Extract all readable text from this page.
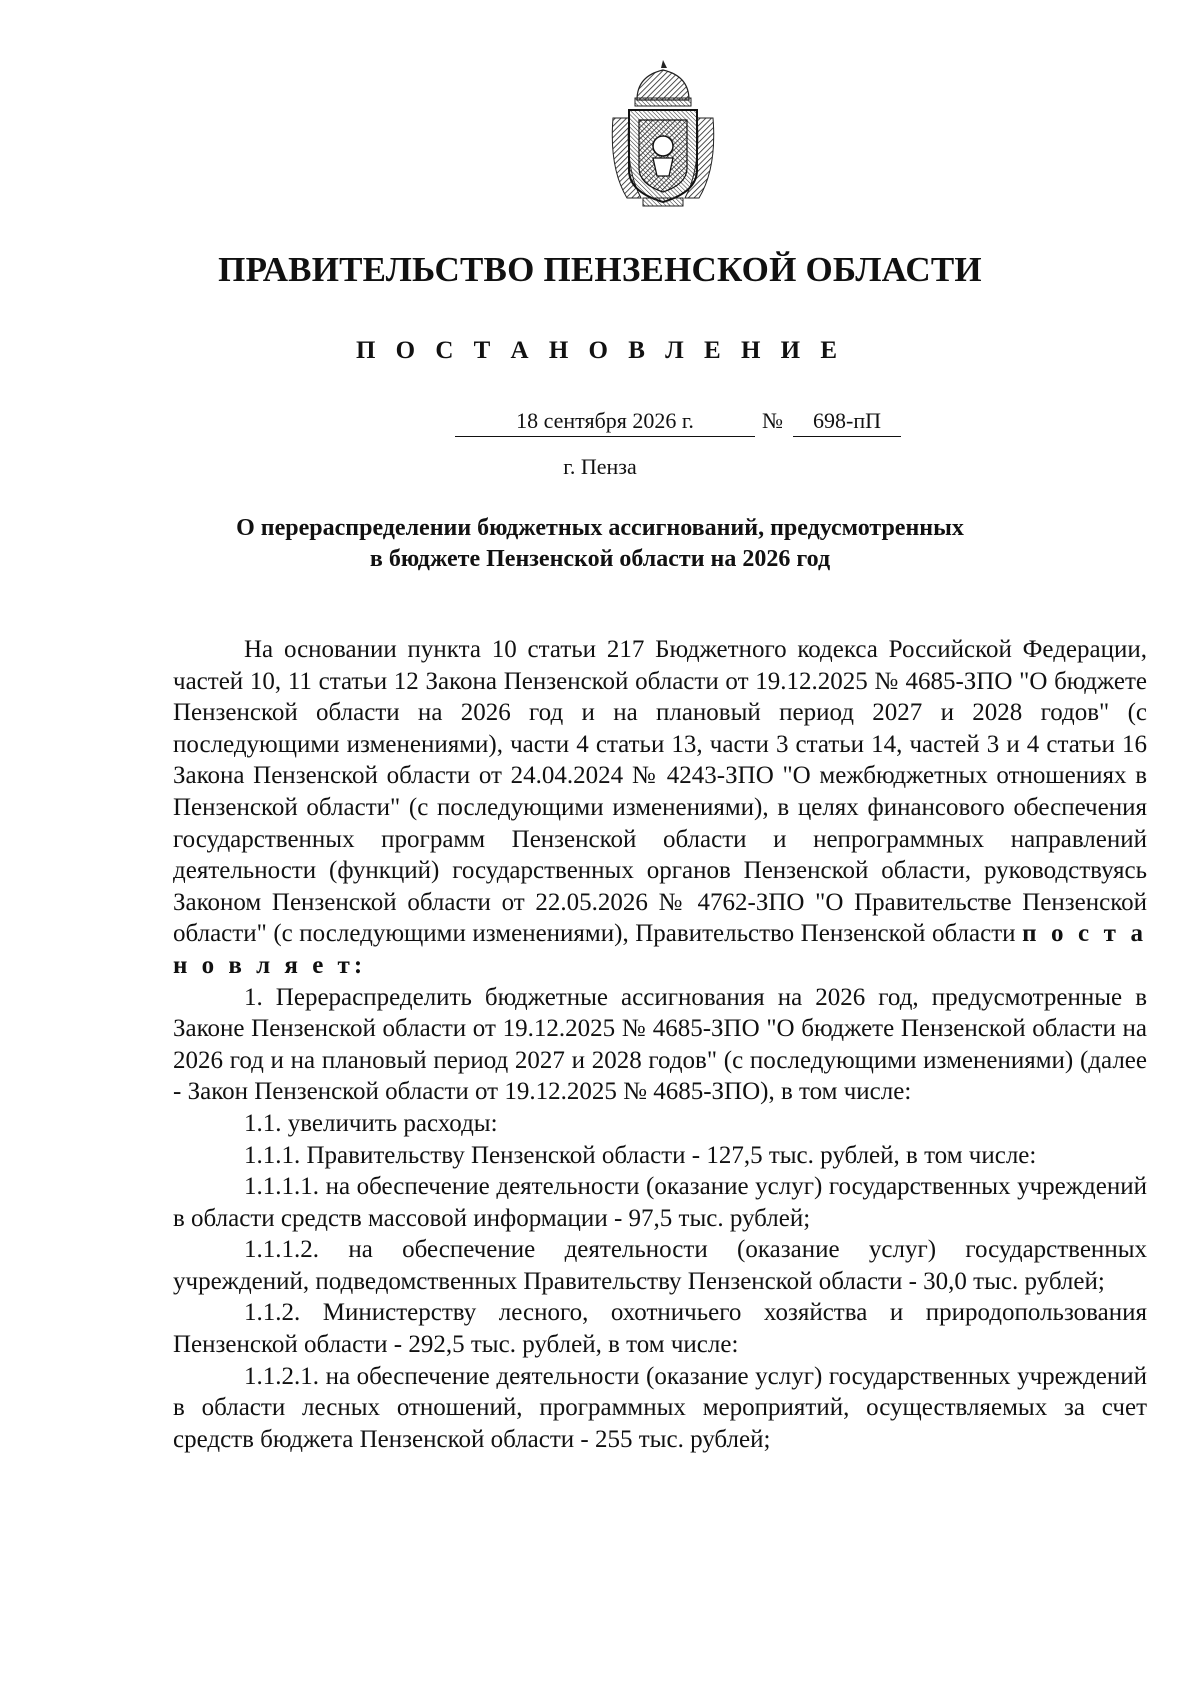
ПРАВИТЕЛЬСТВО ПЕНЗЕНСКОЙ ОБЛАСТИ
П О С Т А Н О В Л Е Н И Е
18 сентября 2026 г.	№	698-пП
г. Пенза
О перераспределении бюджетных ассигнований, предусмотренных
в бюджете Пензенской области на 2026 год

На основании пункта 10 статьи 217 Бюджетного кодекса Российской Федерации, частей 10, 11 статьи 12 Закона Пензенской области от 19.12.2025 № 4685-ЗПО "О бюджете Пензенской области на 2026 год и на плановый период 2027 и 2028 годов" (с последующими изменениями), части 4 статьи 13, части 3 статьи 14, частей 3 и 4 статьи 16 Закона Пензенской области от 24.04.2024 № 4243-ЗПО "О межбюджетных отношениях в Пензенской области" (с последующими изменениями), в целях финансового обеспечения государственных программ Пензенской области и непрограммных направлений деятельности (функций) государственных органов Пензенской области, руководствуясь Законом Пензенской области от 22.05.2026 № 4762-ЗПО "О Правительстве Пензенской области" (с последующими изменениями), Правительство Пензенской области п о с т а н о в л я е т:

1. Перераспределить бюджетные ассигнования на 2026 год, предусмотренные в Законе Пензенской области от 19.12.2025 № 4685-ЗПО "О бюджете Пензенской области на 2026 год и на плановый период 2027 и 2028 годов" (с последующими изменениями) (далее - Закон Пензенской области от 19.12.2025 № 4685-ЗПО), в том числе:

1.1. увеличить расходы:

1.1.1. Правительству Пензенской области - 127,5 тыс. рублей, в том числе:

1.1.1.1. на обеспечение деятельности (оказание услуг) государственных учреждений в области средств массовой информации - 97,5 тыс. рублей;

1.1.1.2. на обеспечение деятельности (оказание услуг) государственных учреждений, подведомственных Правительству Пензенской области - 30,0 тыс. рублей;

1.1.2. Министерству лесного, охотничьего хозяйства и природопользования Пензенской области - 292,5 тыс. рублей, в том числе:

1.1.2.1. на обеспечение деятельности (оказание услуг) государственных учреждений в области лесных отношений, программных мероприятий, осуществляемых за счет средств бюджета Пензенской области - 255 тыс. рублей;
